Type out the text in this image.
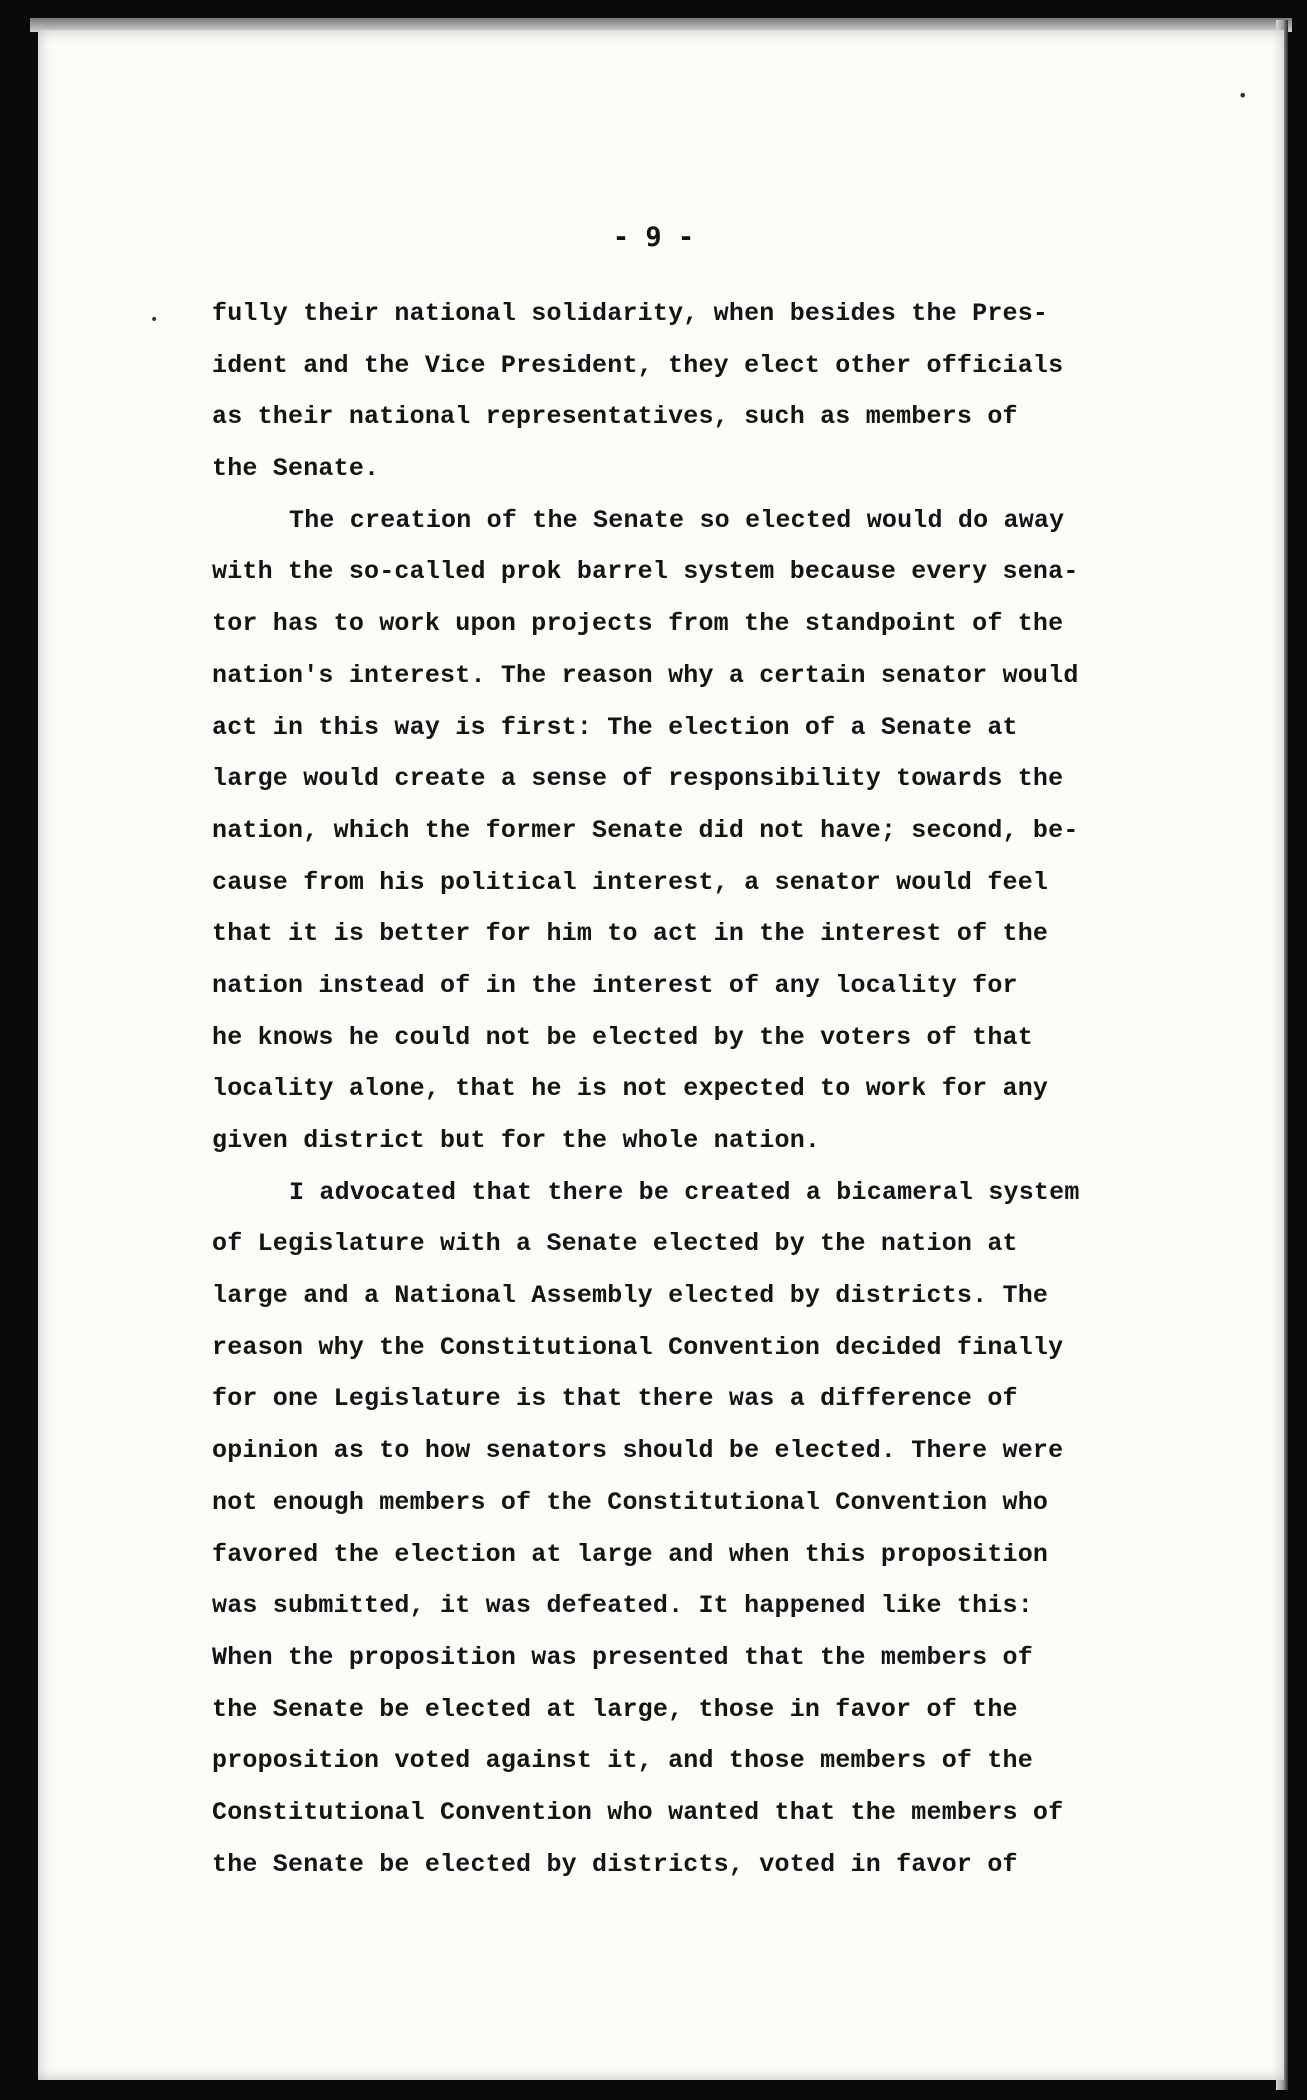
•
•
- 9 -
fully their national solidarity, when besides the Pres-
ident and the Vice President, they elect other officials
as their national representatives, such as members of
the Senate.
The creation of the Senate so elected would do away
with the so-called prok barrel system because every sena-
tor has to work upon projects from the standpoint of the
nation's interest. The reason why a certain senator would
act in this way is first: The election of a Senate at
large would create a sense of responsibility towards the
nation, which the former Senate did not have; second, be-
cause from his political interest, a senator would feel
that it is better for him to act in the interest of the
nation instead of in the interest of any locality for
he knows he could not be elected by the voters of that
locality alone, that he is not expected to work for any
given district but for the whole nation.
I advocated that there be created a bicameral system
of Legislature with a Senate elected by the nation at
large and a National Assembly elected by districts. The
reason why the Constitutional Convention decided finally
for one Legislature is that there was a difference of
opinion as to how senators should be elected. There were
not enough members of the Constitutional Convention who
favored the election at large and when this proposition
was submitted, it was defeated. It happened like this:
When the proposition was presented that the members of
the Senate be elected at large, those in favor of the
proposition voted against it, and those members of the
Constitutional Convention who wanted that the members of
the Senate be elected by districts, voted in favor of
